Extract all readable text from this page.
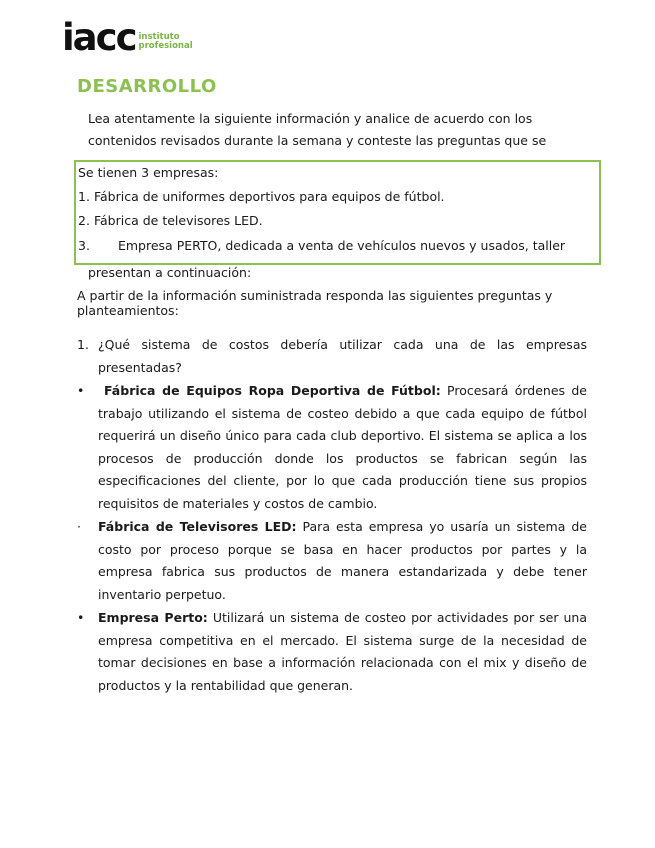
iacc instituto
profesional
DESARROLLO

Lea atentamente la siguiente información y analice de acuerdo con los

contenidos revisados durante la semana y conteste las preguntas que se

presentan a continuación:

Se tienen 3 empresas:
1. Fábrica de uniformes deportivos para equipos de fútbol.
2. Fábrica de televisores LED.
3. Empresa PERTO, dedicada a venta de vehículos nuevos y usados, taller

A partir de la información suministrada responda las siguientes preguntas y planteamientos:

1. ¿Qué sistema de costos debería utilizar cada una de las empresas presentadas?
• Fábrica de Equipos Ropa Deportiva de Fútbol: Procesará órdenes de trabajo utilizando el sistema de costeo debido a que cada equipo de fútbol requerirá un diseño único para cada club deportivo. El sistema se aplica a los procesos de producción donde los productos se fabrican según las especificaciones del cliente, por lo que cada producción tiene sus propios requisitos de materiales y costos de cambio.
· Fábrica de Televisores LED: Para esta empresa yo usaría un sistema de costo por proceso porque se basa en hacer productos por partes y la empresa fabrica sus productos de manera estandarizada y debe tener inventario perpetuo.
• Empresa Perto: Utilizará un sistema de costeo por actividades por ser una empresa competitiva en el mercado. El sistema surge de la necesidad de tomar decisiones en base a información relacionada con el mix y diseño de productos y la rentabilidad que generan.
